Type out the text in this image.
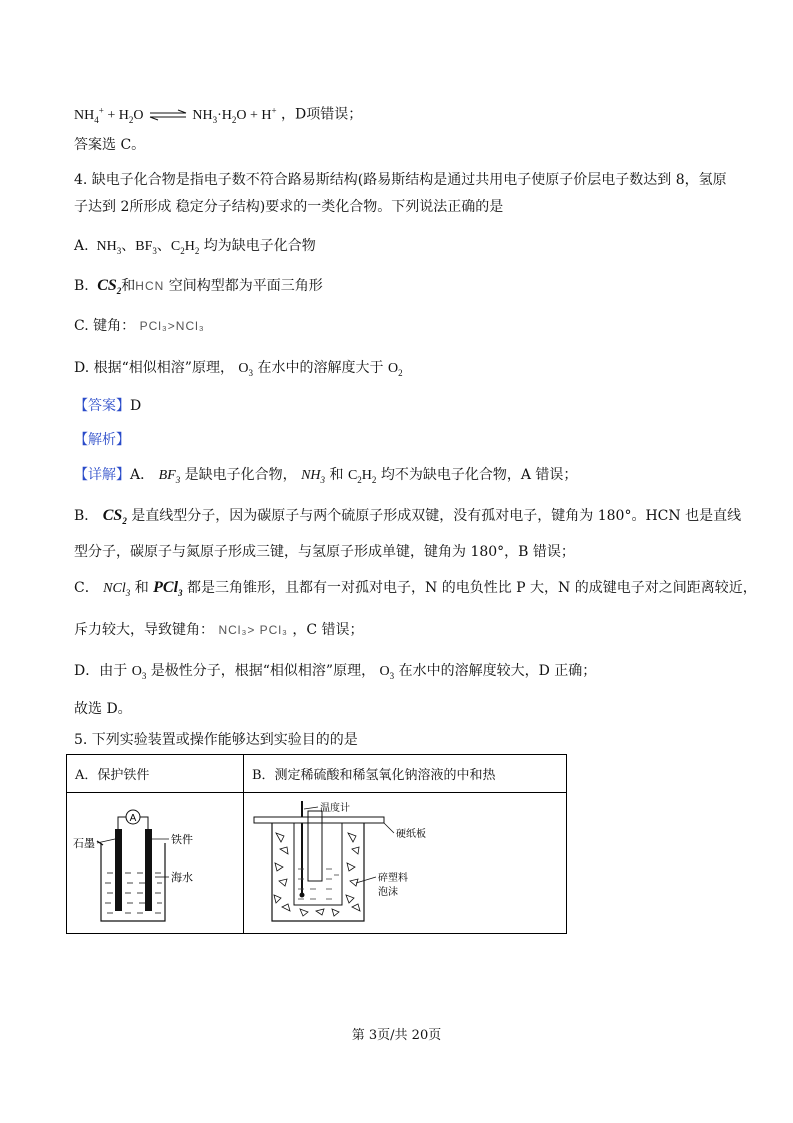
$NH_4^+ + H_2O$ ⇌ $NH_3\cdot H_2O + H^+$ ，D项错误；
答案选 C。
4. 缺电子化合物是指电子数不符合路易斯结构(路易斯结构是通过共用电子使原子价层电子数达到 8，氢原
子达到 2所形成 稳定分子结构)要求的一类化合物。下列说法正确的是
A.  $NH_3$、$BF_3$、$C_2H_2$ 均为缺电子化合物
B.  $CS_2$和HCN 空间构型都为平面三角形
C. 键角： PCl₃>NCl₃
D. 根据“相似相溶”原理， $O_3$ 在水中的溶解度大于 $O_2$
【答案】D
【解析】
【详解】A． $BF_3$ 是缺电子化合物， $NH_3$ 和 $C_2H_2$ 均不为缺电子化合物，A 错误；
B． $CS_2$ 是直线型分子，因为碳原子与两个硫原子形成双键，没有孤对电子，键角为 180°。HCN 也是直线
型分子，碳原子与氮原子形成三键，与氢原子形成单键，键角为 180°，B 错误；
C． NCl$_3$ 和 PCl$_3$ 都是三角锥形，且都有一对孤对电子，N 的电负性比 P 大，N 的成键电子对之间距离较近，
斥力较大，导致键角： NCl₃> PCl₃ ，C 错误；
D．由于 $O_3$ 是极性分子，根据“相似相溶”原理， $O_3$ 在水中的溶解度较大，D 正确；
故选 D。
5. 下列实验装置或操作能够达到实验目的的是
A．保护铁件	B．测定稀硫酸和稀氢氧化钠溶液的中和热

A
石墨 铁件
海水	温度计
硬纸板
碎塑料
泡沫
第 3页/共 20页
